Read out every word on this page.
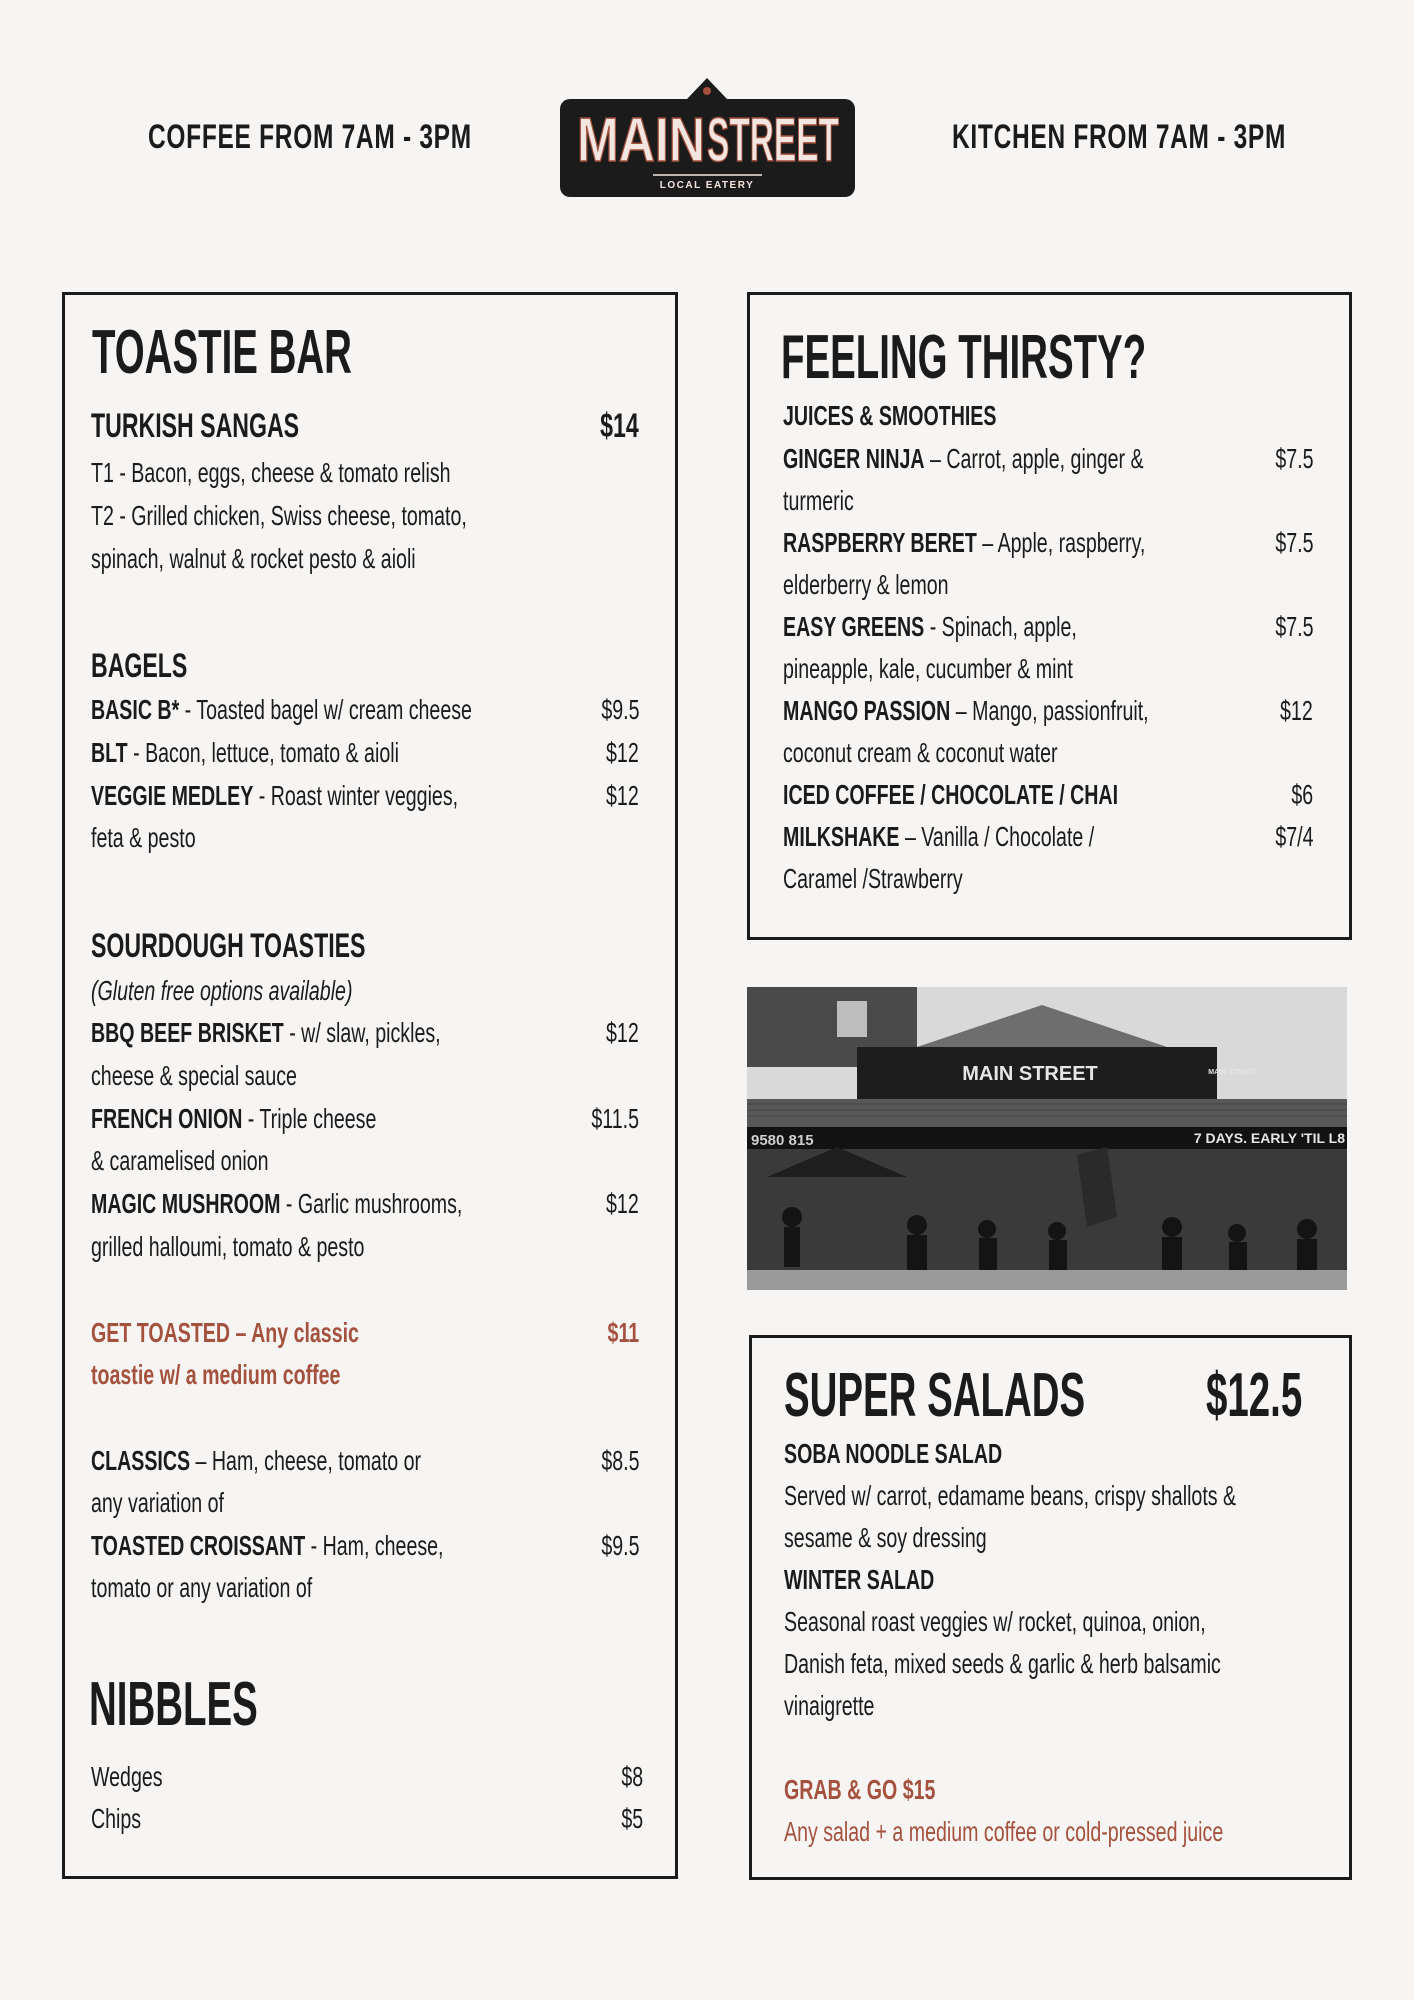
COFFEE FROM 7AM - 3PM	KITCHEN FROM 7AM - 3PM
MAIN STREET
LOCAL EATERY
TOASTIE BAR
TURKISH SANGAS	$14
T1 - Bacon, eggs, cheese & tomato relish
T2 - Grilled chicken, Swiss cheese, tomato,
spinach, walnut & rocket pesto & aioli
BAGELS
BASIC B* - Toasted bagel w/ cream cheese	$9.5
BLT - Bacon, lettuce, tomato & aioli	$12
VEGGIE MEDLEY - Roast winter veggies,	$12
feta & pesto
SOURDOUGH TOASTIES
(Gluten free options available)
BBQ BEEF BRISKET - w/ slaw, pickles,	$12
cheese & special sauce
FRENCH ONION - Triple cheese	$11.5
& caramelised onion
MAGIC MUSHROOM - Garlic mushrooms,	$12
grilled halloumi, tomato & pesto
GET TOASTED – Any classic	$11
toastie w/ a medium coffee
CLASSICS – Ham, cheese, tomato or	$8.5
any variation of
TOASTED CROISSANT - Ham, cheese,	$9.5
tomato or any variation of
NIBBLES
Wedges	$8
Chips	$5
FEELING THIRSTY?
JUICES & SMOOTHIES
GINGER NINJA – Carrot, apple, ginger &	$7.5
turmeric
RASPBERRY BERET – Apple, raspberry,	$7.5
elderberry & lemon
EASY GREENS - Spinach, apple,	$7.5
pineapple, kale, cucumber & mint
MANGO PASSION – Mango, passionfruit,	$12
coconut cream & coconut water
ICED COFFEE / CHOCOLATE / CHAI	$6
MILKSHAKE – Vanilla / Chocolate /	$7/4
Caramel /Strawberry
MAIN STREET	MAIN STREET
9580 815	7 DAYS. EARLY 'TIL L8
SUPER SALADS $12.5
SOBA NOODLE SALAD
Served w/ carrot, edamame beans, crispy shallots &
sesame & soy dressing
WINTER SALAD
Seasonal roast veggies w/ rocket, quinoa, onion,
Danish feta, mixed seeds & garlic & herb balsamic
vinaigrette
GRAB & GO $15
Any salad + a medium coffee or cold-pressed juice
